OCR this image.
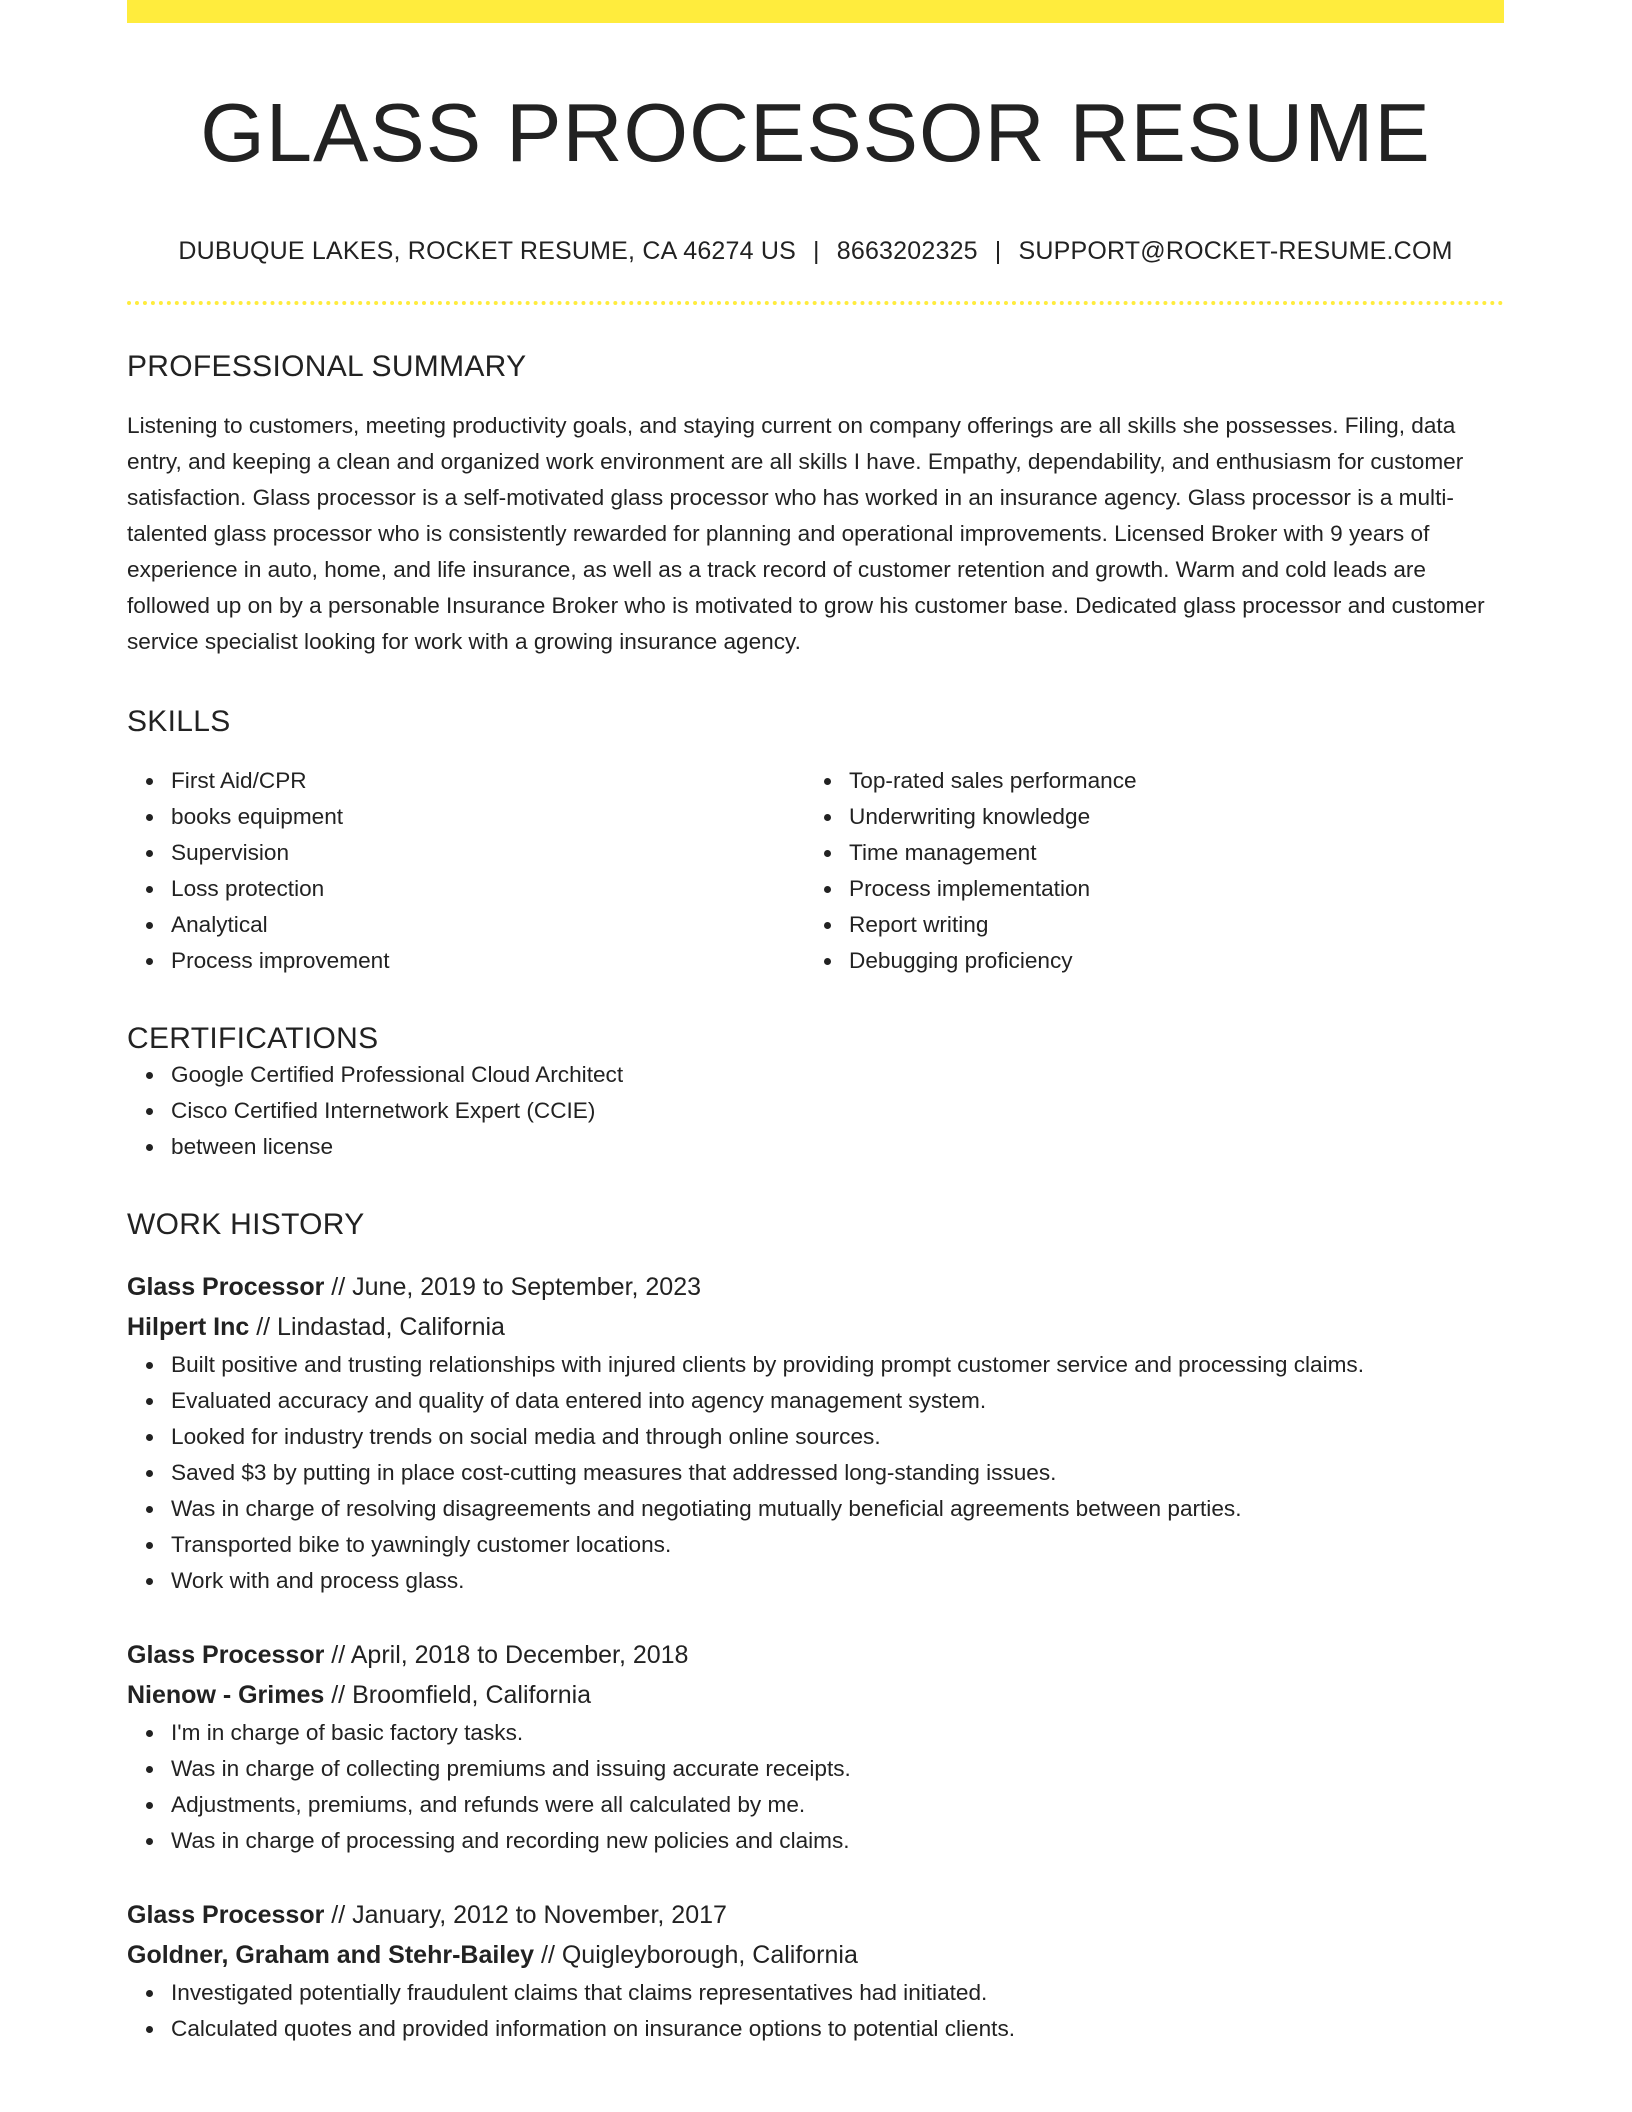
GLASS PROCESSOR RESUME
DUBUQUE LAKES, ROCKET RESUME, CA 46274 US | 8663202325 | SUPPORT@ROCKET-RESUME.COM
PROFESSIONAL SUMMARY

Listening to customers, meeting productivity goals, and staying current on company offerings are all skills she possesses. Filing, data entry, and keeping a clean and organized work environment are all skills I have. Empathy, dependability, and enthusiasm for customer satisfaction. Glass processor is a self-motivated glass processor who has worked in an insurance agency. Glass processor is a multi-talented glass processor who is consistently rewarded for planning and operational improvements. Licensed Broker with 9 years of experience in auto, home, and life insurance, as well as a track record of customer retention and growth. Warm and cold leads are followed up on by a personable Insurance Broker who is motivated to grow his customer base. Dedicated glass processor and customer service specialist looking for work with a growing insurance agency.

SKILLS
First Aid/CPR
books equipment
Supervision
Loss protection
Analytical
Process improvement
Top-rated sales performance
Underwriting knowledge
Time management
Process implementation
Report writing
Debugging proficiency
CERTIFICATIONS
Google Certified Professional Cloud Architect
Cisco Certified Internetwork Expert (CCIE)
between license
WORK HISTORY
Glass Processor // June, 2019 to September, 2023
Hilpert Inc // Lindastad, California
Built positive and trusting relationships with injured clients by providing prompt customer service and processing claims.
Evaluated accuracy and quality of data entered into agency management system.
Looked for industry trends on social media and through online sources.
Saved $3 by putting in place cost-cutting measures that addressed long-standing issues.
Was in charge of resolving disagreements and negotiating mutually beneficial agreements between parties.
Transported bike to yawningly customer locations.
Work with and process glass.
Glass Processor // April, 2018 to December, 2018
Nienow - Grimes // Broomfield, California
I'm in charge of basic factory tasks.
Was in charge of collecting premiums and issuing accurate receipts.
Adjustments, premiums, and refunds were all calculated by me.
Was in charge of processing and recording new policies and claims.
Glass Processor // January, 2012 to November, 2017
Goldner, Graham and Stehr-Bailey // Quigleyborough, California
Investigated potentially fraudulent claims that claims representatives had initiated.
Calculated quotes and provided information on insurance options to potential clients.
